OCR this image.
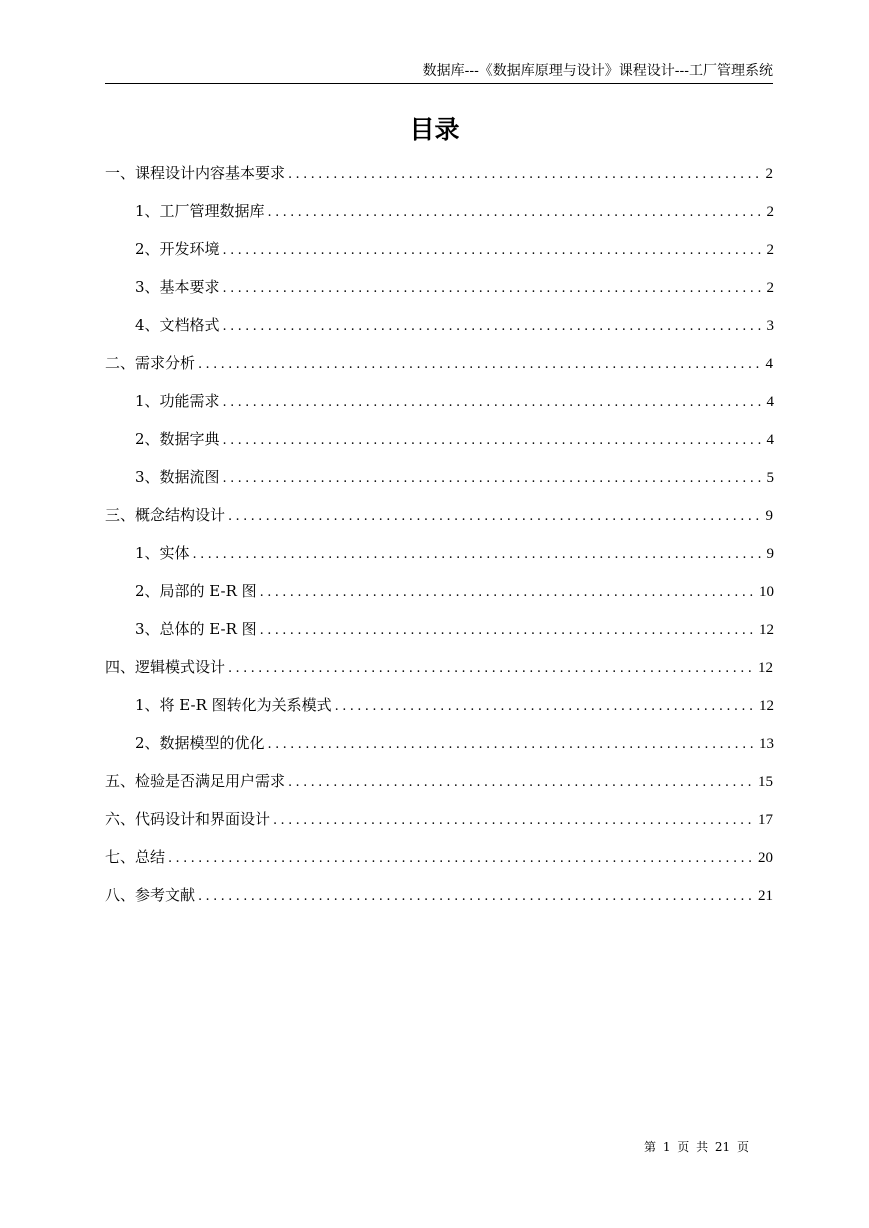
数据库---《数据库原理与设计》课程设计---工厂管理系统
目录
一、课程设计内容基本要求 .....	2
1、工厂管理数据库 .....	2
2、开发环境 .....	2
3、基本要求 .....	2
4、文档格式 .....	3
二、需求分析 .....	4
1、功能需求 .....	4
2、数据字典 .....	4
3、数据流图 .....	5
三、概念结构设计 .....	9
1、实体 .....	9
2、局部的 E-R 图 .....	10
3、总体的 E-R 图 .....	12
四、逻辑模式设计 .....	12
1、将 E-R 图转化为关系模式 .....	12
2、数据模型的优化 .....	13
五、检验是否满足用户需求 .....	15
六、代码设计和界面设计 .....	17
七、总结 .....	20
八、参考文献 .....	21
第 1 页 共 21 页
